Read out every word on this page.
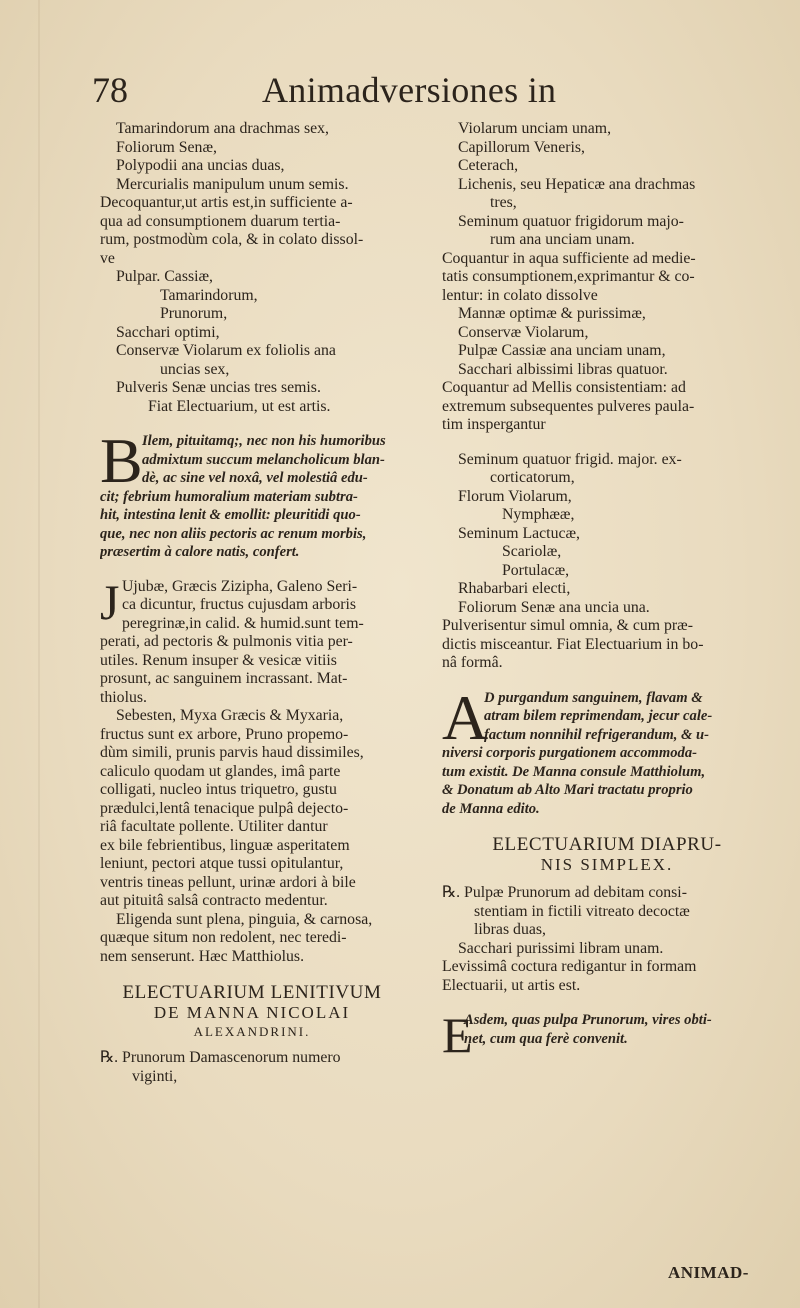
78	Animadversiones in
Tamarindorum ana drachmas sex,
Foliorum Senæ,
Polypodii ana uncias duas,
Mercurialis manipulum unum semis.
Decoquantur,ut artis est,in sufficiente a-
qua ad consumptionem duarum tertia-
rum, postmodùm cola, & in colato dissol-
ve
Pulpar. Cassiæ,
Tamarindorum,
Prunorum,
Sacchari optimi,
Conservæ Violarum ex foliolis ana
uncias sex,
Pulveris Senæ uncias tres semis.
Fiat Electuarium, ut est artis.
B Ilem, pituitamq;, nec non his humoribus
admixtum succum melancholicum blan-
dè, ac sine vel noxâ, vel molestiâ edu-
cit; febrium humoralium materiam subtra-
hit, intestina lenit & emollit: pleuritidi quo-
que, nec non aliis pectoris ac renum morbis,
præsertim à calore natis, confert.
J Ujubæ, Græcis Zizipha, Galeno Seri-
ca dicuntur, fructus cujusdam arboris
peregrinæ,in calid. & humid.sunt tem-
perati, ad pectoris & pulmonis vitia per-
utiles. Renum insuper & vesicæ vitiis
prosunt, ac sanguinem incrassant. Mat-
thiolus.
Sebesten, Myxa Græcis & Myxaria,
fructus sunt ex arbore, Pruno propemo-
dùm simili, prunis parvis haud dissimiles,
caliculo quodam ut glandes, imâ parte
colligati, nucleo intus triquetro, gustu
prædulci,lentâ tenacique pulpâ dejecto-
riâ facultate pollente. Utiliter dantur
ex bile febrientibus, linguæ asperitatem
leniunt, pectori atque tussi opitulantur,
ventris tineas pellunt, urinæ ardori à bile
aut pituitâ salsâ contracto medentur.
Eligenda sunt plena, pinguia, & carnosa,
quæque situm non redolent, nec teredi-
nem senserunt. Hæc Matthiolus.
ELECTUARIUM LENITIVUM
DE MANNA NICOLAI
ALEXANDRINI.
℞. Prunorum Damascenorum numero
viginti,
Violarum unciam unam,
Capillorum Veneris,
Ceterach,
Lichenis, seu Hepaticæ ana drachmas
tres,
Seminum quatuor frigidorum majo-
rum ana unciam unam.
Coquantur in aqua sufficiente ad medie-
tatis consumptionem,exprimantur & co-
lentur: in colato dissolve
Mannæ optimæ & purissimæ,
Conservæ Violarum,
Pulpæ Cassiæ ana unciam unam,
Sacchari albissimi libras quatuor.
Coquantur ad Mellis consistentiam: ad
extremum subsequentes pulveres paula-
tim inspergantur
Seminum quatuor frigid. major. ex-
corticatorum,
Florum Violarum,
Nymphææ,
Seminum Lactucæ,
Scariolæ,
Portulacæ,
Rhabarbari electi,
Foliorum Senæ ana uncia una.
Pulverisentur simul omnia, & cum præ-
dictis misceantur. Fiat Electuarium in bo-
nâ formâ.
A
D purgandum sanguinem, flavam &
atram bilem reprimendam, jecur cale-
factum nonnihil refrigerandum, & u-
niversi corporis purgationem accommoda-
tum existit. De Manna consule Matthiolum,
& Donatum ab Alto Mari tractatu proprio
de Manna edito.
ELECTUARIUM DIAPRU-
NIS SIMPLEX.
℞. Pulpæ Prunorum ad debitam consi-
stentiam in fictili vitreato decoctæ
libras duas,
Sacchari purissimi libram unam.
Levissimâ coctura redigantur in formam
Electuarii, ut artis est.
E
Asdem, quas pulpa Prunorum, vires obti-
net, cum qua ferè convenit.
ANIMAD-
